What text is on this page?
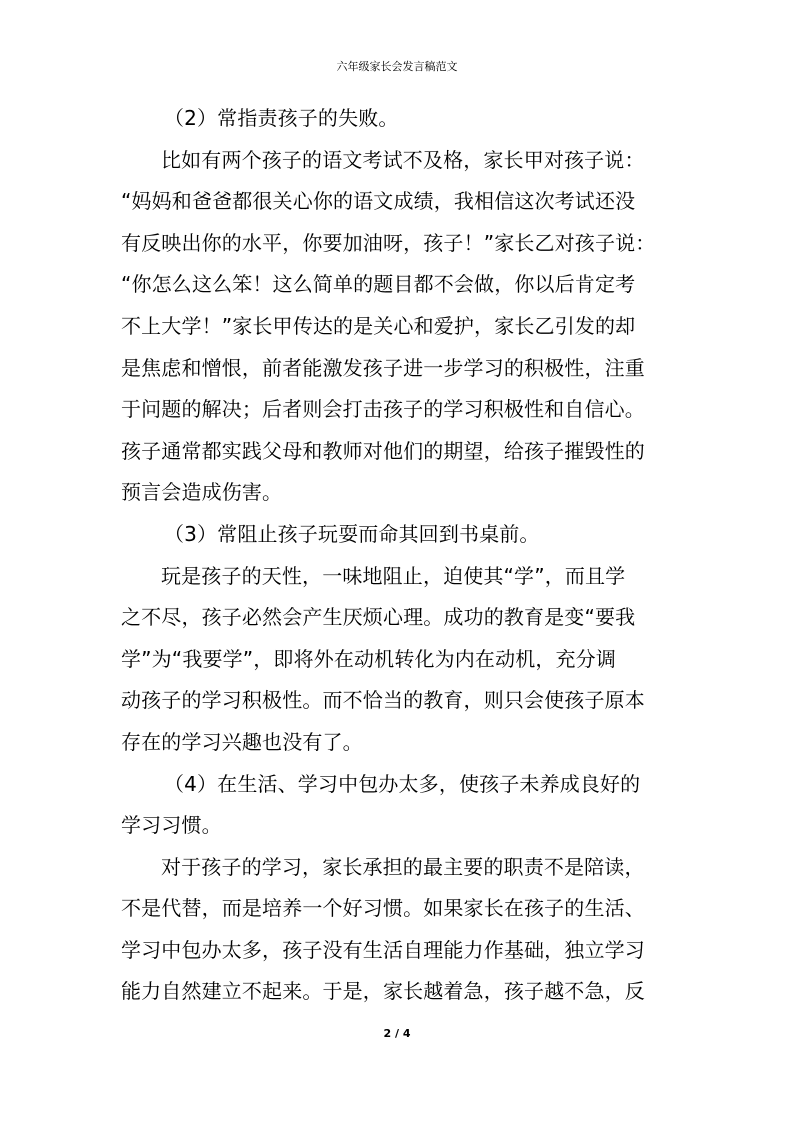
六年级家长会发言稿范文
（2）常指责孩子的失败。
比如有两个孩子的语文考试不及格，家长甲对孩子说：
“妈妈和爸爸都很关心你的语文成绩，我相信这次考试还没
有反映出你的水平，你要加油呀，孩子！”家长乙对孩子说：
“你怎么这么笨！这么简单的题目都不会做，你以后肯定考
不上大学！”家长甲传达的是关心和爱护，家长乙引发的却
是焦虑和憎恨，前者能激发孩子进一步学习的积极性，注重
于问题的解决；后者则会打击孩子的学习积极性和自信心。
孩子通常都实践父母和教师对他们的期望，给孩子摧毁性的
预言会造成伤害。
（3）常阻止孩子玩耍而命其回到书桌前。
玩是孩子的天性，一味地阻止，迫使其“学”，而且学
之不尽，孩子必然会产生厌烦心理。成功的教育是变“要我
学”为“我要学”，即将外在动机转化为内在动机，充分调
动孩子的学习积极性。而不恰当的教育，则只会使孩子原本
存在的学习兴趣也没有了。
（4）在生活、学习中包办太多，使孩子未养成良好的
学习习惯。
对于孩子的学习，家长承担的最主要的职责不是陪读，
不是代替，而是培养一个好习惯。如果家长在孩子的生活、
学习中包办太多，孩子没有生活自理能力作基础，独立学习
能力自然建立不起来。于是，家长越着急，孩子越不急，反
2 / 4
